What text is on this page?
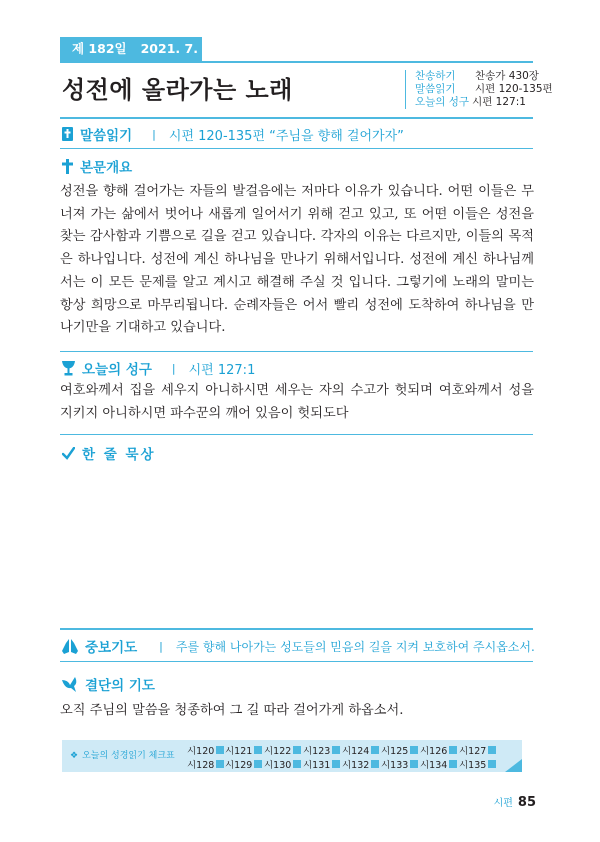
제 182일 2021. 7. 1. 목
성전에 올라가는 노래	찬송하기 찬송가 430장
말씀읽기 시편 120-135편
오늘의 성구 시편 127:1
말씀읽기 | 시편 120-135편 “주님을 향해 걸어가자”
본문개요

성전을 향해 걸어가는 자들의 발걸음에는 저마다 이유가 있습니다. 어떤 이들은 무너져 가는 삶에서 벗어나 새롭게 일어서기 위해 걷고 있고, 또 어떤 이들은 성전을 찾는 감사함과 기쁨으로 길을 걷고 있습니다. 각자의 이유는 다르지만, 이들의 목적은 하나입니다. 성전에 계신 하나님을 만나기 위해서입니다. 성전에 계신 하나님께서는 이 모든 문제를 알고 계시고 해결해 주실 것 입니다. 그렇기에 노래의 말미는 항상 희망으로 마무리됩니다. 순례자들은 어서 빨리 성전에 도착하여 하나님을 만나기만을 기대하고 있습니다.

오늘의 성구 | 시편 127:1

여호와께서 집을 세우지 아니하시면 세우는 자의 수고가 헛되며 여호와께서 성을 지키지 아니하시면 파수꾼의 깨어 있음이 헛되도다

한 줄 묵상
중보기도 | 주를 향해 나아가는 성도들의 믿음의 길을 지켜 보호하여 주시옵소서.
결단의 기도

오직 주님의 말씀을 청종하여 그 길 따라 걸어가게 하옵소서.

❖ 오늘의 성경읽기 체크표 시120 시121 시122 시123 시124 시125 시126 시127
시128 시129 시130 시131 시132 시133 시134 시135
시편 85
